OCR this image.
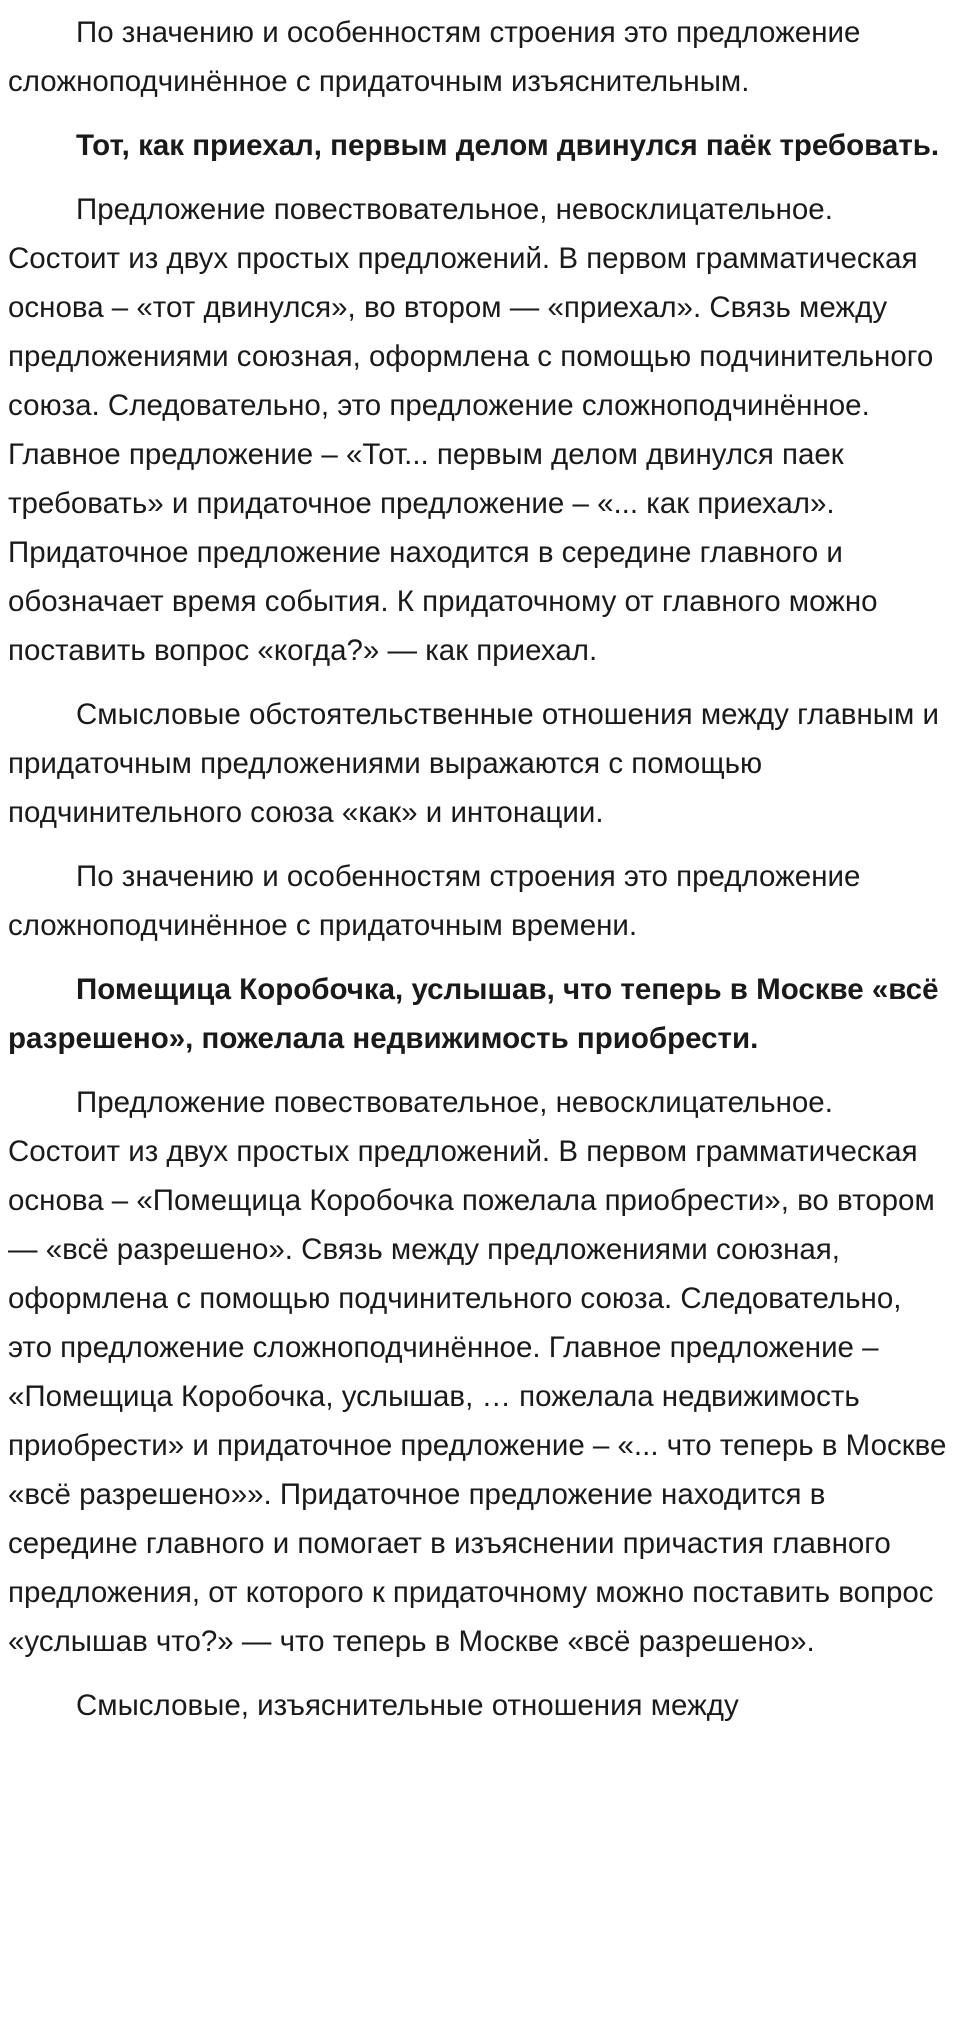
По значению и особенностям строения это предложение сложноподчинённое с придаточным изъяснительным.

Тот, как приехал, первым делом двинулся паёк требовать.

Предложение повествовательное, невосклицательное. Состоит из двух простых предложений. В первом грамматическая основа – «тот двинулся», во втором — «приехал». Связь между предложениями союзная, оформлена с помощью подчинительного союза. Следовательно, это предложение сложноподчинённое. Главное предложение – «Тот... первым делом двинулся паек требовать» и придаточное предложение – «... как приехал». Придаточное предложение находится в середине главного и обозначает время события. К придаточному от главного можно поставить вопрос «когда?» — как приехал.

Смысловые обстоятельственные отношения между главным и придаточным предложениями выражаются с помощью подчинительного союза «как» и интонации.

По значению и особенностям строения это предложение сложноподчинённое с придаточным времени.

Помещица Коробочка, услышав, что теперь в Москве «всё разрешено», пожелала недвижимость приобрести.

Предложение повествовательное, невосклицательное. Состоит из двух простых предложений. В первом грамматическая основа – «Помещица Коробочка пожелала приобрести», во втором — «всё разрешено». Связь между предложениями союзная, оформлена с помощью подчинительного союза. Следовательно, это предложение сложноподчинённое. Главное предложение – «Помещица Коробочка, услышав, … пожелала недвижимость приобрести» и придаточное предложение – «... что теперь в Москве «всё разрешено»». Придаточное предложение находится в середине главного и помогает в изъяснении причастия главного предложения, от которого к придаточному можно поставить вопрос «услышав что?» — что теперь в Москве «всё разрешено».

Смысловые, изъяснительные отношения между
